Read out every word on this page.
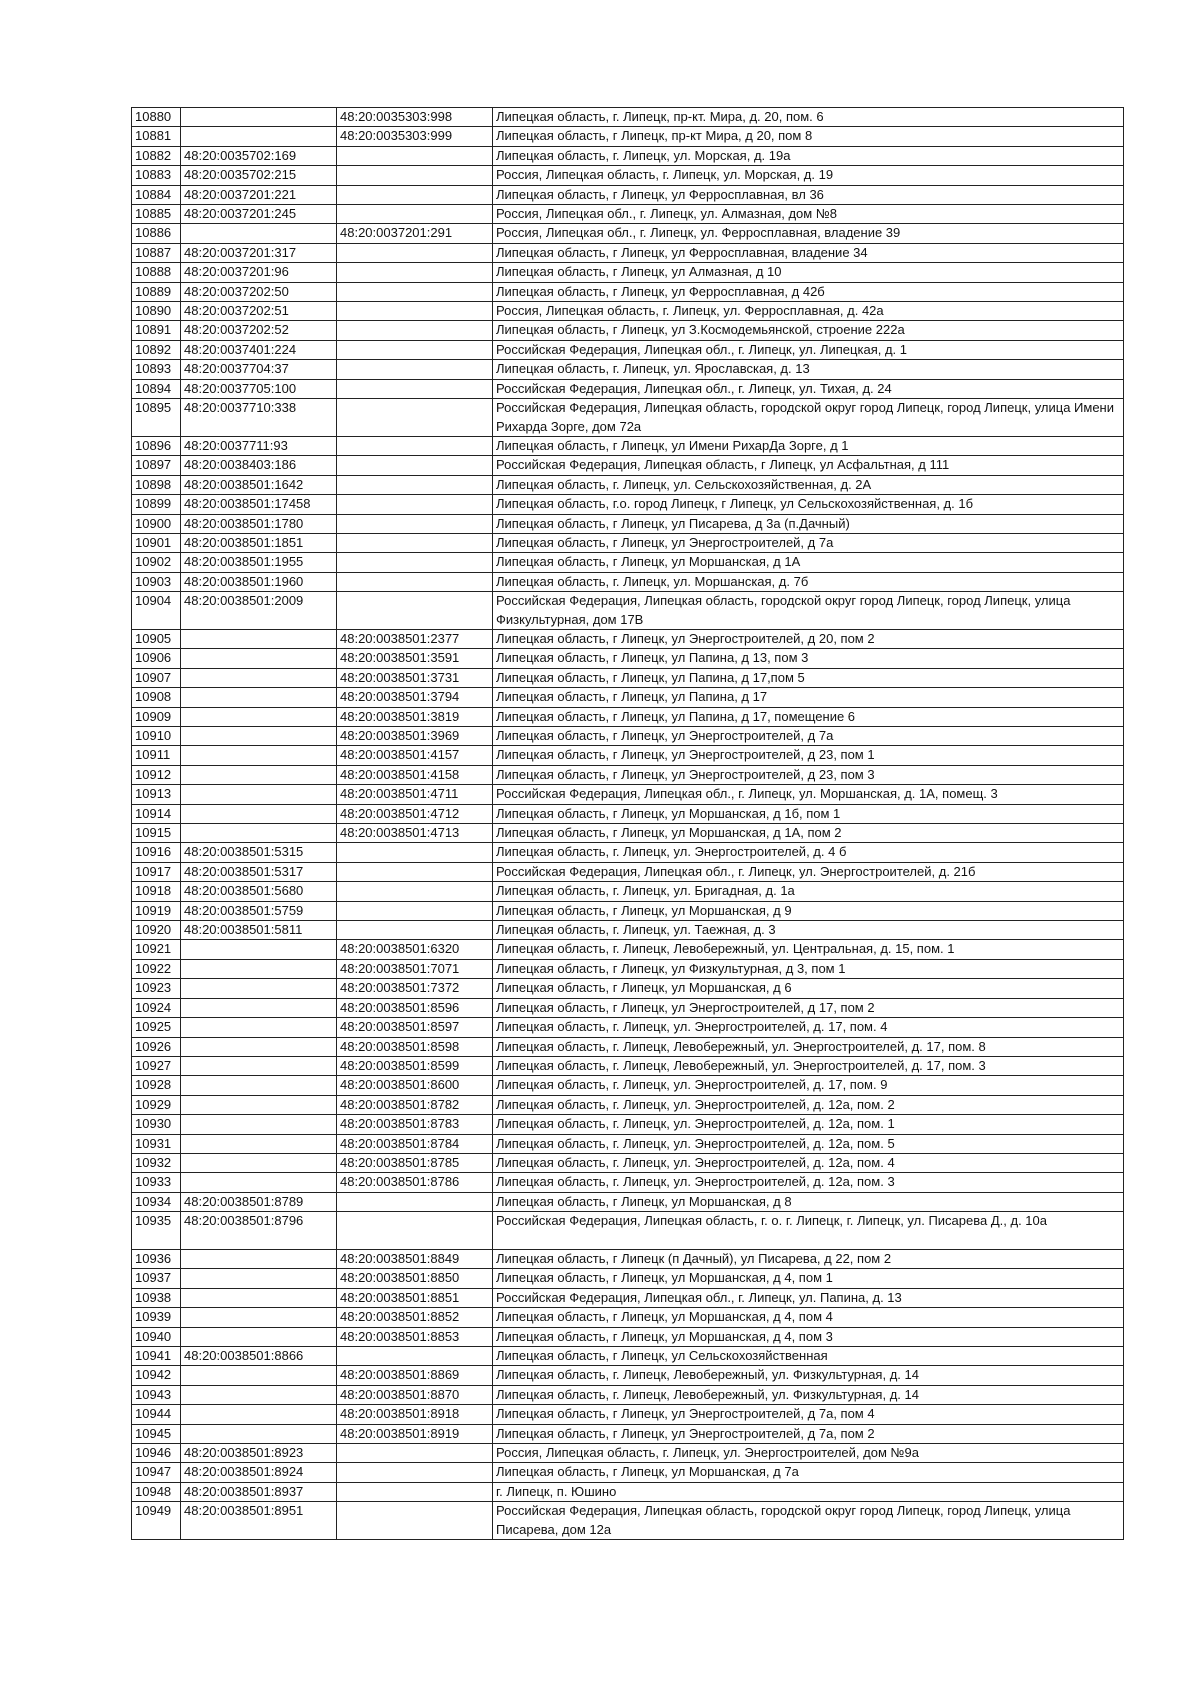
10880		48:20:0035303:998	Липецкая область, г. Липецк, пр-кт. Мира, д. 20, пом. 6
10881		48:20:0035303:999	Липецкая область, г Липецк, пр-кт Мира, д 20, пом 8
10882	48:20:0035702:169		Липецкая область, г. Липецк, ул. Морская, д. 19а
10883	48:20:0035702:215		Россия, Липецкая область, г. Липецк, ул. Морская, д. 19
10884	48:20:0037201:221		Липецкая область, г Липецк, ул Ферросплавная, вл 36
10885	48:20:0037201:245		Россия, Липецкая обл., г. Липецк, ул. Алмазная, дом №8
10886		48:20:0037201:291	Россия, Липецкая обл., г. Липецк, ул. Ферросплавная, владение 39
10887	48:20:0037201:317		Липецкая область, г Липецк, ул Ферросплавная, владение 34
10888	48:20:0037201:96		Липецкая область, г Липецк, ул Алмазная, д 10
10889	48:20:0037202:50		Липецкая область, г Липецк, ул Ферросплавная, д 42б
10890	48:20:0037202:51		Россия, Липецкая область, г. Липецк, ул. Ферросплавная, д. 42а
10891	48:20:0037202:52		Липецкая область, г Липецк, ул З.Космодемьянской, строение 222а
10892	48:20:0037401:224		Российская Федерация, Липецкая обл., г. Липецк, ул. Липецкая, д. 1
10893	48:20:0037704:37		Липецкая область, г. Липецк, ул. Ярославская, д. 13
10894	48:20:0037705:100		Российская Федерация, Липецкая обл., г. Липецк, ул. Тихая, д. 24
10895	48:20:0037710:338		Российская Федерация, Липецкая область, городской округ город Липецк, город Липецк, улица Имени Рихарда Зорге, дом 72а
10896	48:20:0037711:93		Липецкая область, г Липецк, ул Имени РихарДа Зорге, д 1
10897	48:20:0038403:186		Российская Федерация, Липецкая область, г Липецк, ул Асфальтная, д 111
10898	48:20:0038501:1642		Липецкая область, г. Липецк, ул. Сельскохозяйственная, д. 2А
10899	48:20:0038501:17458		Липецкая область, г.о. город Липецк, г Липецк, ул Сельскохозяйственная, д. 1б
10900	48:20:0038501:1780		Липецкая область, г Липецк, ул Писарева, д 3а (п.Дачный)
10901	48:20:0038501:1851		Липецкая область, г Липецк, ул Энергостроителей, д 7а
10902	48:20:0038501:1955		Липецкая область, г Липецк, ул Моршанская, д 1А
10903	48:20:0038501:1960		Липецкая область, г. Липецк, ул. Моршанская, д. 7б
10904	48:20:0038501:2009		Российская Федерация, Липецкая область, городской округ город Липецк, город Липецк, улица Физкультурная, дом 17В
10905		48:20:0038501:2377	Липецкая область, г Липецк, ул Энергостроителей, д 20, пом 2
10906		48:20:0038501:3591	Липецкая область, г Липецк, ул Папина, д 13, пом 3
10907		48:20:0038501:3731	Липецкая область, г Липецк, ул Папина, д 17,пом 5
10908		48:20:0038501:3794	Липецкая область, г Липецк, ул Папина, д 17
10909		48:20:0038501:3819	Липецкая область, г Липецк, ул Папина, д 17, помещение 6
10910		48:20:0038501:3969	Липецкая область, г Липецк, ул Энергостроителей, д 7а
10911		48:20:0038501:4157	Липецкая область, г Липецк, ул Энергостроителей, д 23, пом 1
10912		48:20:0038501:4158	Липецкая область, г Липецк, ул Энергостроителей, д 23, пом 3
10913		48:20:0038501:4711	Российская Федерация, Липецкая обл., г. Липецк, ул. Моршанская, д. 1А, помещ. 3
10914		48:20:0038501:4712	Липецкая область, г Липецк, ул Моршанская, д 1б, пом 1
10915		48:20:0038501:4713	Липецкая область, г Липецк, ул Моршанская, д 1А, пом 2
10916	48:20:0038501:5315		Липецкая область, г. Липецк, ул. Энергостроителей, д. 4 б
10917	48:20:0038501:5317		Российская Федерация, Липецкая обл., г. Липецк, ул. Энергостроителей, д. 21б
10918	48:20:0038501:5680		Липецкая область, г. Липецк, ул. Бригадная, д. 1а
10919	48:20:0038501:5759		Липецкая область, г Липецк, ул Моршанская, д 9
10920	48:20:0038501:5811		Липецкая область, г. Липецк, ул. Таежная, д. 3
10921		48:20:0038501:6320	Липецкая область, г. Липецк, Левобережный, ул. Центральная, д. 15, пом. 1
10922		48:20:0038501:7071	Липецкая область, г Липецк, ул Физкультурная, д 3, пом 1
10923		48:20:0038501:7372	Липецкая область, г Липецк, ул Моршанская, д 6
10924		48:20:0038501:8596	Липецкая область, г Липецк, ул Энергостроителей, д 17, пом 2
10925		48:20:0038501:8597	Липецкая область, г. Липецк, ул. Энергостроителей, д. 17, пом. 4
10926		48:20:0038501:8598	Липецкая область, г. Липецк, Левобережный, ул. Энергостроителей, д. 17, пом. 8
10927		48:20:0038501:8599	Липецкая область, г. Липецк, Левобережный, ул. Энергостроителей, д. 17, пом. 3
10928		48:20:0038501:8600	Липецкая область, г. Липецк, ул. Энергостроителей, д. 17, пом. 9
10929		48:20:0038501:8782	Липецкая область, г. Липецк, ул. Энергостроителей, д. 12а, пом. 2
10930		48:20:0038501:8783	Липецкая область, г. Липецк, ул. Энергостроителей, д. 12а, пом. 1
10931		48:20:0038501:8784	Липецкая область, г. Липецк, ул. Энергостроителей, д. 12а, пом. 5
10932		48:20:0038501:8785	Липецкая область, г. Липецк, ул. Энергостроителей, д. 12а, пом. 4
10933		48:20:0038501:8786	Липецкая область, г. Липецк, ул. Энергостроителей, д. 12а, пом. 3
10934	48:20:0038501:8789		Липецкая область, г Липецк, ул Моршанская, д 8
10935	48:20:0038501:8796		Российская Федерация, Липецкая область, г. о. г. Липецк, г. Липецк, ул. Писарева Д., д. 10а
10936		48:20:0038501:8849	Липецкая область, г Липецк (п Дачный), ул Писарева, д 22, пом 2
10937		48:20:0038501:8850	Липецкая область, г Липецк, ул Моршанская, д 4, пом 1
10938		48:20:0038501:8851	Российская Федерация, Липецкая обл., г. Липецк, ул. Папина, д. 13
10939		48:20:0038501:8852	Липецкая область, г Липецк, ул Моршанская, д 4, пом 4
10940		48:20:0038501:8853	Липецкая область, г Липецк, ул Моршанская, д 4, пом 3
10941	48:20:0038501:8866		Липецкая область, г Липецк, ул Сельскохозяйственная
10942		48:20:0038501:8869	Липецкая область, г. Липецк, Левобережный, ул. Физкультурная, д. 14
10943		48:20:0038501:8870	Липецкая область, г. Липецк, Левобережный, ул. Физкультурная, д. 14
10944		48:20:0038501:8918	Липецкая область, г Липецк, ул Энергостроителей, д 7а, пом 4
10945		48:20:0038501:8919	Липецкая область, г Липецк, ул Энергостроителей, д 7а, пом 2
10946	48:20:0038501:8923		Россия, Липецкая область, г. Липецк, ул. Энергостроителей, дом №9а
10947	48:20:0038501:8924		Липецкая область, г Липецк, ул Моршанская, д 7а
10948	48:20:0038501:8937		г. Липецк, п. Юшино
10949	48:20:0038501:8951		Российская Федерация, Липецкая область, городской округ город Липецк, город Липецк, улица Писарева, дом 12а
